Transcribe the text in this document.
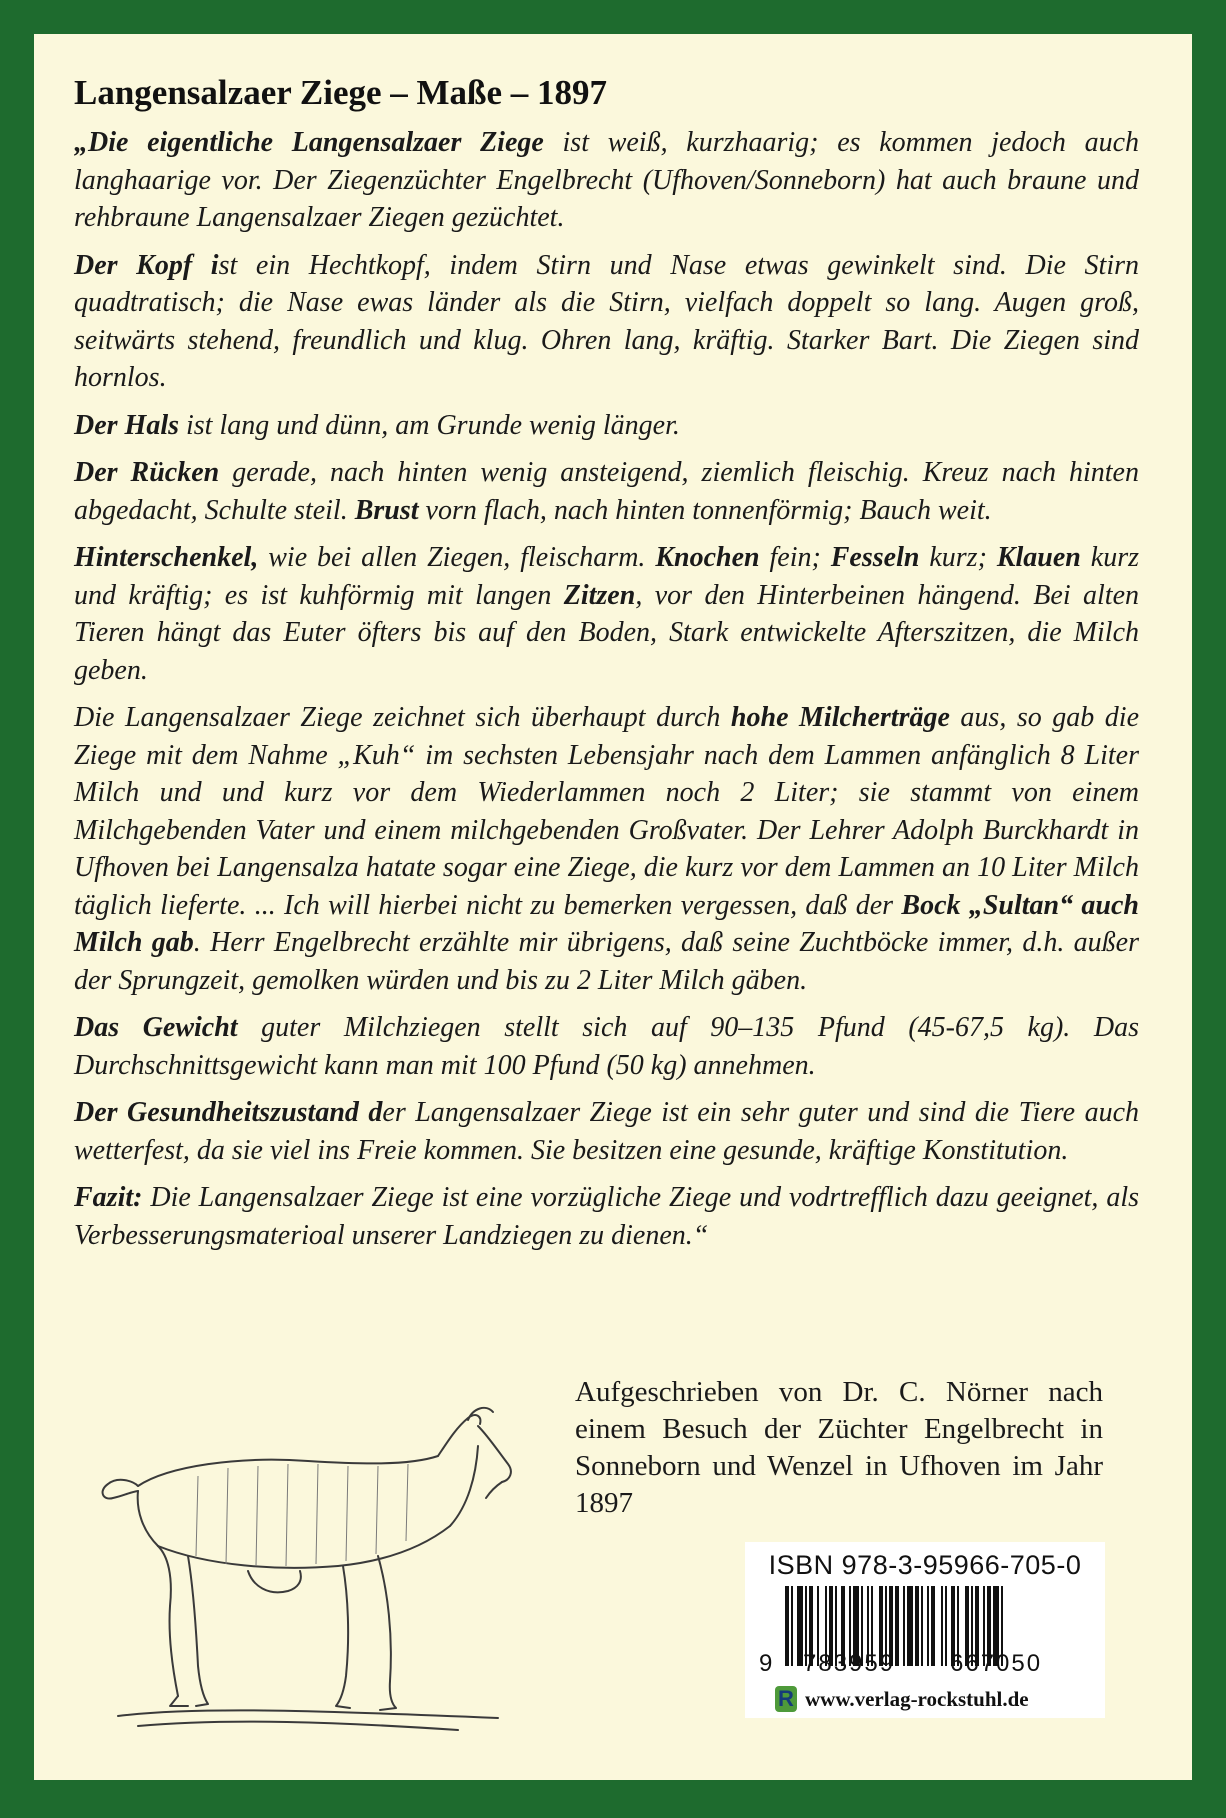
Langensalzaer Ziege – Maße – 1897

„Die eigentliche Langensalzaer Ziege ist weiß, kurzhaarig; es kommen jedoch auch langhaarige vor. Der Ziegenzüchter Engelbrecht (Ufhoven/Sonneborn) hat auch braune und rehbraune Langensalzaer Ziegen gezüchtet.

Der Kopf ist ein Hechtkopf, indem Stirn und Nase etwas gewinkelt sind. Die Stirn quadtratisch; die Nase ewas länder als die Stirn, vielfach doppelt so lang. Augen groß, seitwärts stehend, freundlich und klug. Ohren lang, kräftig. Starker Bart. Die Ziegen sind hornlos.

Der Hals ist lang und dünn, am Grunde wenig länger.

Der Rücken gerade, nach hinten wenig ansteigend, ziemlich fleischig. Kreuz nach hinten abgedacht, Schulte steil. Brust vorn flach, nach hinten tonnenförmig; Bauch weit.

Hinterschenkel, wie bei allen Ziegen, fleischarm. Knochen fein; Fesseln kurz; Klauen kurz und kräftig; es ist kuhförmig mit langen Zitzen, vor den Hinterbeinen hängend. Bei alten Tieren hängt das Euter öfters bis auf den Boden, Stark entwickelte Afterszitzen, die Milch geben.

Die Langensalzaer Ziege zeichnet sich überhaupt durch hohe Milcherträge aus, so gab die Ziege mit dem Nahme „Kuh“ im sechsten Lebensjahr nach dem Lammen anfänglich 8 Liter Milch und und kurz vor dem Wiederlammen noch 2 Liter; sie stammt von einem Milchgebenden Vater und einem milchgebenden Großvater. Der Lehrer Adolph Burckhardt in Ufhoven bei Langensalza hatate sogar eine Ziege, die kurz vor dem Lammen an 10 Liter Milch täglich lieferte. ... Ich will hierbei nicht zu bemerken vergessen, daß der Bock „Sultan“ auch Milch gab. Herr Engelbrecht erzählte mir übrigens, daß seine Zuchtböcke immer, d.h. außer der Sprungzeit, gemolken würden und bis zu 2 Liter Milch gäben.

Das Gewicht guter Milchziegen stellt sich auf 90–135 Pfund (45-67,5 kg). Das Durchschnittsgewicht kann man mit 100 Pfund (50 kg) annehmen.

Der Gesundheitszustand der Langensalzaer Ziege ist ein sehr guter und sind die Tiere auch wetterfest, da sie viel ins Freie kommen. Sie besitzen eine gesunde, kräftige Konstitution.

Fazit: Die Langensalzaer Ziege ist eine vorzügliche Ziege und vodrtrefflich dazu geeignet, als Verbesserungsmaterioal unserer Landziegen zu dienen.“

Aufgeschrieben von Dr. C. Nörner nach einem Besuch der Züchter Engelbrecht in Sonneborn und Wenzel in Ufhoven im Jahr 1897
ISBN 978-3-95966-705-0
9 783959 667050
R www.verlag-rockstuhl.de
